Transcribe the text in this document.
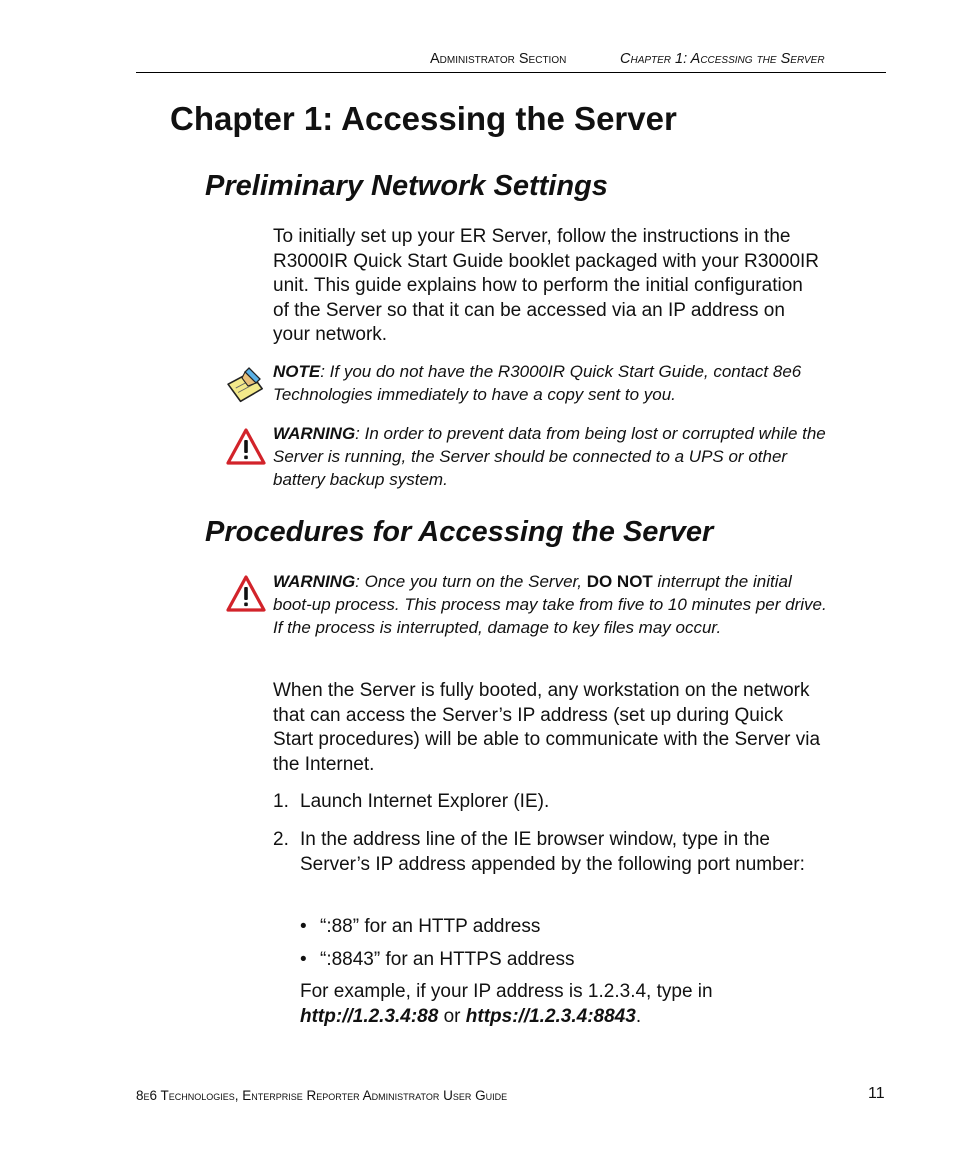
Administrator Section	Chapter 1: Accessing the Server
Chapter 1: Accessing the Server
Preliminary Network Settings
To initially set up your ER Server, follow the instructions in the R3000IR Quick Start Guide booklet packaged with your R3000IR unit. This guide explains how to perform the initial configuration of the Server so that it can be accessed via an IP address on your network.
NOTE: If you do not have the R3000IR Quick Start Guide, contact 8e6 Technologies immediately to have a copy sent to you.
WARNING: In order to prevent data from being lost or corrupted while the Server is running, the Server should be connected to a UPS or other battery backup system.
Procedures for Accessing the Server
WARNING: Once you turn on the Server, DO NOT interrupt the initial boot-up process. This process may take from five to 10 minutes per drive. If the process is interrupted, damage to key files may occur.
When the Server is fully booted, any workstation on the network that can access the Server’s IP address (set up during Quick Start procedures) will be able to communicate with the Server via the Internet.
1. Launch Internet Explorer (IE).
2. In the address line of the IE browser window, type in the Server’s IP address appended by the following port number:
• “:88” for an HTTP address
• “:8843” for an HTTPS address
For example, if your IP address is 1.2.3.4, type in http://1.2.3.4:88 or https://1.2.3.4:8843.
8e6 Technologies, Enterprise Reporter Administrator User Guide	11
